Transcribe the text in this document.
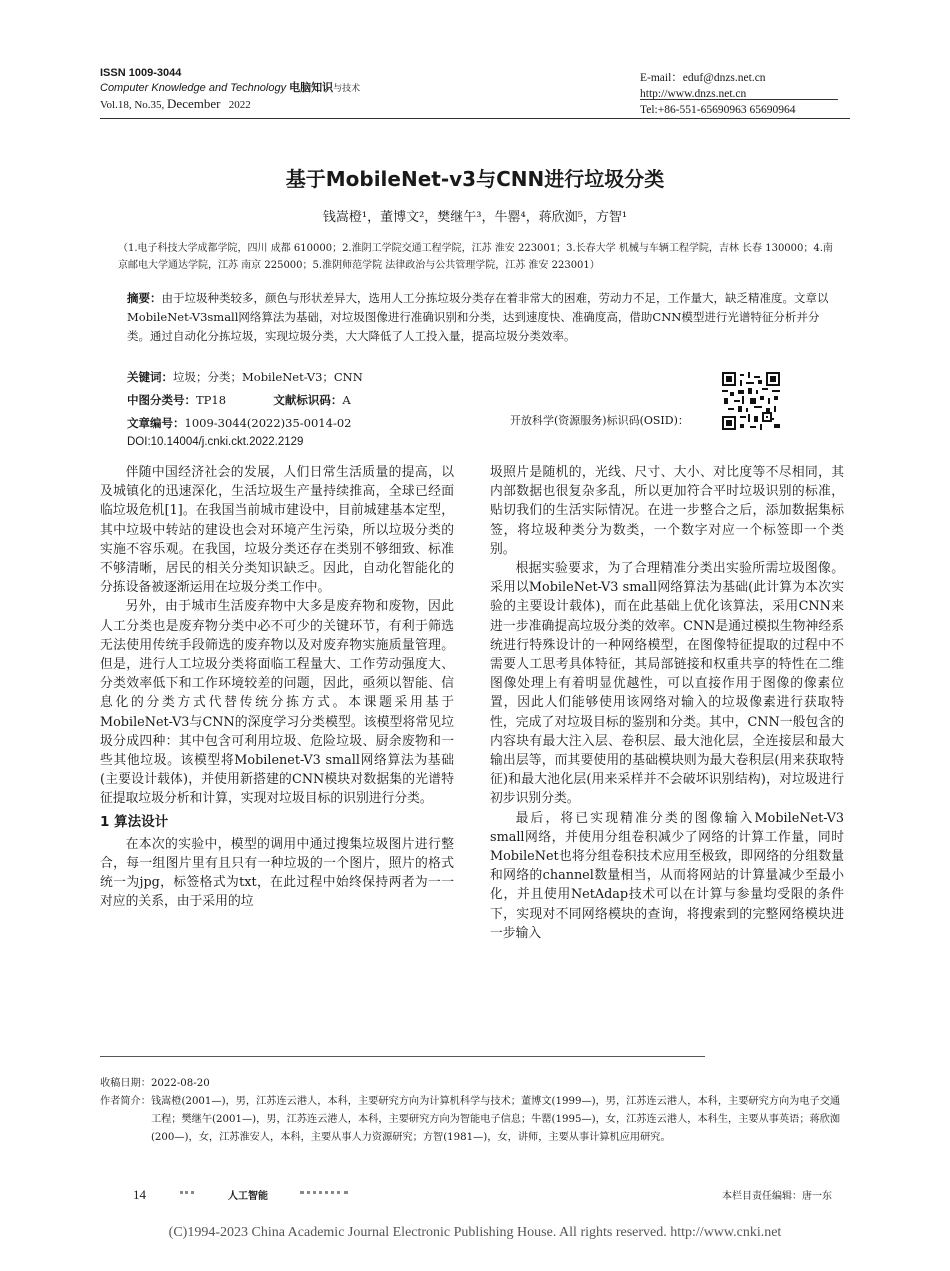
ISSN 1009-3044
Computer Knowledge and Technology 电脑知识与技术
Vol.18, No.35, December 2022
E-mail：eduf@dnzs.net.cn
http://www.dnzs.net.cn
Tel:+86-551-65690963 65690964
基于MobileNet-v3与CNN进行垃圾分类
钱嵩橙¹，董博文²，樊继午³，牛罂⁴，蒋欣洳⁵，方智¹
（1.电子科技大学成都学院，四川 成都 610000；2.淮阴工学院交通工程学院，江苏 淮安 223001；3.长春大学 机械与车辆工程学院，吉林 长春 130000；4.南京邮电大学通达学院，江苏 南京 225000；5.淮阴师范学院 法律政治与公共管理学院，江苏 淮安 223001）
摘要：由于垃圾种类较多，颜色与形状差异大，选用人工分拣垃圾分类存在着非常大的困难，劳动力不足，工作量大，缺乏精准度。文章以MobileNet-V3small网络算法为基础，对垃圾图像进行准确识别和分类，达到速度快、准确度高，借助CNN模型进行光谱特征分析并分类。通过自动化分拣垃圾，实现垃圾分类，大大降低了人工投入量，提高垃圾分类效率。
关键词：垃圾；分类；MobileNet-V3；CNN
中图分类号：TP18	文献标识码：A
文章编号：1009-3044(2022)35-0014-02
DOI:10.14004/j.cnki.ckt.2022.2129
开放科学(资源服务)标识码(OSID)：

伴随中国经济社会的发展，人们日常生活质量的提高，以及城镇化的迅速深化，生活垃圾生产量持续推高，全球已经面临垃圾危机[1]。在我国当前城市建设中，目前城建基本定型，其中垃圾中转站的建设也会对环境产生污染，所以垃圾分类的实施不容乐观。在我国，垃圾分类还存在类别不够细致、标准不够清晰，居民的相关分类知识缺乏。因此，自动化智能化的分拣设备被逐渐运用在垃圾分类工作中。

另外，由于城市生活废弃物中大多是废弃物和废物，因此人工分类也是废弃物分类中必不可少的关键环节，有利于筛选无法使用传统手段筛选的废弃物以及对废弃物实施质量管理。但是，进行人工垃圾分类将面临工程量大、工作劳动强度大、分类效率低下和工作环境较差的问题，因此，亟须以智能、信息化的分类方式代替传统分拣方式。本课题采用基于MobileNet-V3与CNN的深度学习分类模型。该模型将常见垃圾分成四种：其中包含可利用垃圾、危险垃圾、厨余废物和一些其他垃圾。该模型将Mobilenet-V3 small网络算法为基础(主要设计载体)，并使用新搭建的CNN模块对数据集的光谱特征提取垃圾分析和计算，实现对垃圾目标的识别进行分类。

1 算法设计

在本次的实验中，模型的调用中通过搜集垃圾图片进行整合，每一组图片里有且只有一种垃圾的一个图片，照片的格式统一为jpg，标签格式为txt，在此过程中始终保持两者为一一对应的关系，由于采用的垃

圾照片是随机的，光线、尺寸、大小、对比度等不尽相同，其内部数据也很复杂多乱，所以更加符合平时垃圾识别的标准，贴切我们的生活实际情况。在进一步整合之后，添加数据集标签，将垃圾种类分为数类，一个数字对应一个标签即一个类别。

根据实验要求，为了合理精准分类出实验所需垃圾图像。采用以MobileNet-V3 small网络算法为基础(此计算为本次实验的主要设计载体)，而在此基础上优化该算法，采用CNN来进一步准确提高垃圾分类的效率。CNN是通过模拟生物神经系统进行特殊设计的一种网络模型，在图像特征提取的过程中不需要人工思考具体特征，其局部链接和权重共享的特性在二维图像处理上有着明显优越性，可以直接作用于图像的像素位置，因此人们能够使用该网络对输入的垃圾像素进行获取特性，完成了对垃圾目标的鉴别和分类。其中，CNN一般包含的内容块有最大注入层、卷积层、最大池化层，全连接层和最大输出层等，而其要使用的基础模块则为最大卷积层(用来获取特征)和最大池化层(用来采样并不会破坏识别结构)，对垃圾进行初步识别分类。

最后，将已实现精准分类的图像输入MobileNet-V3 small网络，并使用分组卷积减少了网络的计算工作量，同时MobileNet也将分组卷积技术应用至极致，即网络的分组数量和网络的channel数量相当，从而将网站的计算量减少至最小化，并且使用NetAdap技术可以在计算与参量均受限的条件下，实现对不同网络模块的查询，将搜索到的完整网络模块进一步输入

收稿日期： 2022-08-20
作者简介： 钱嵩橙(2001—)，男，江苏连云港人，本科，主要研究方向为计算机科学与技术；董博文(1999—)，男，江苏连云港人，本科，主要研究方向为电子交通工程；樊继午(2001—)，男，江苏连云港人，本科，主要研究方向为智能电子信息；牛罂(1995—)，女，江苏连云港人，本科生，主要从事英语；蒋欣洳(200—)，女，江苏淮安人，本科，主要从事人力资源研究；方智(1981—)，女，讲师，主要从事计算机应用研究。
14	人工智能	本栏目责任编辑：唐一东
(C)1994-2023 China Academic Journal Electronic Publishing House. All rights reserved. http://www.cnki.net
